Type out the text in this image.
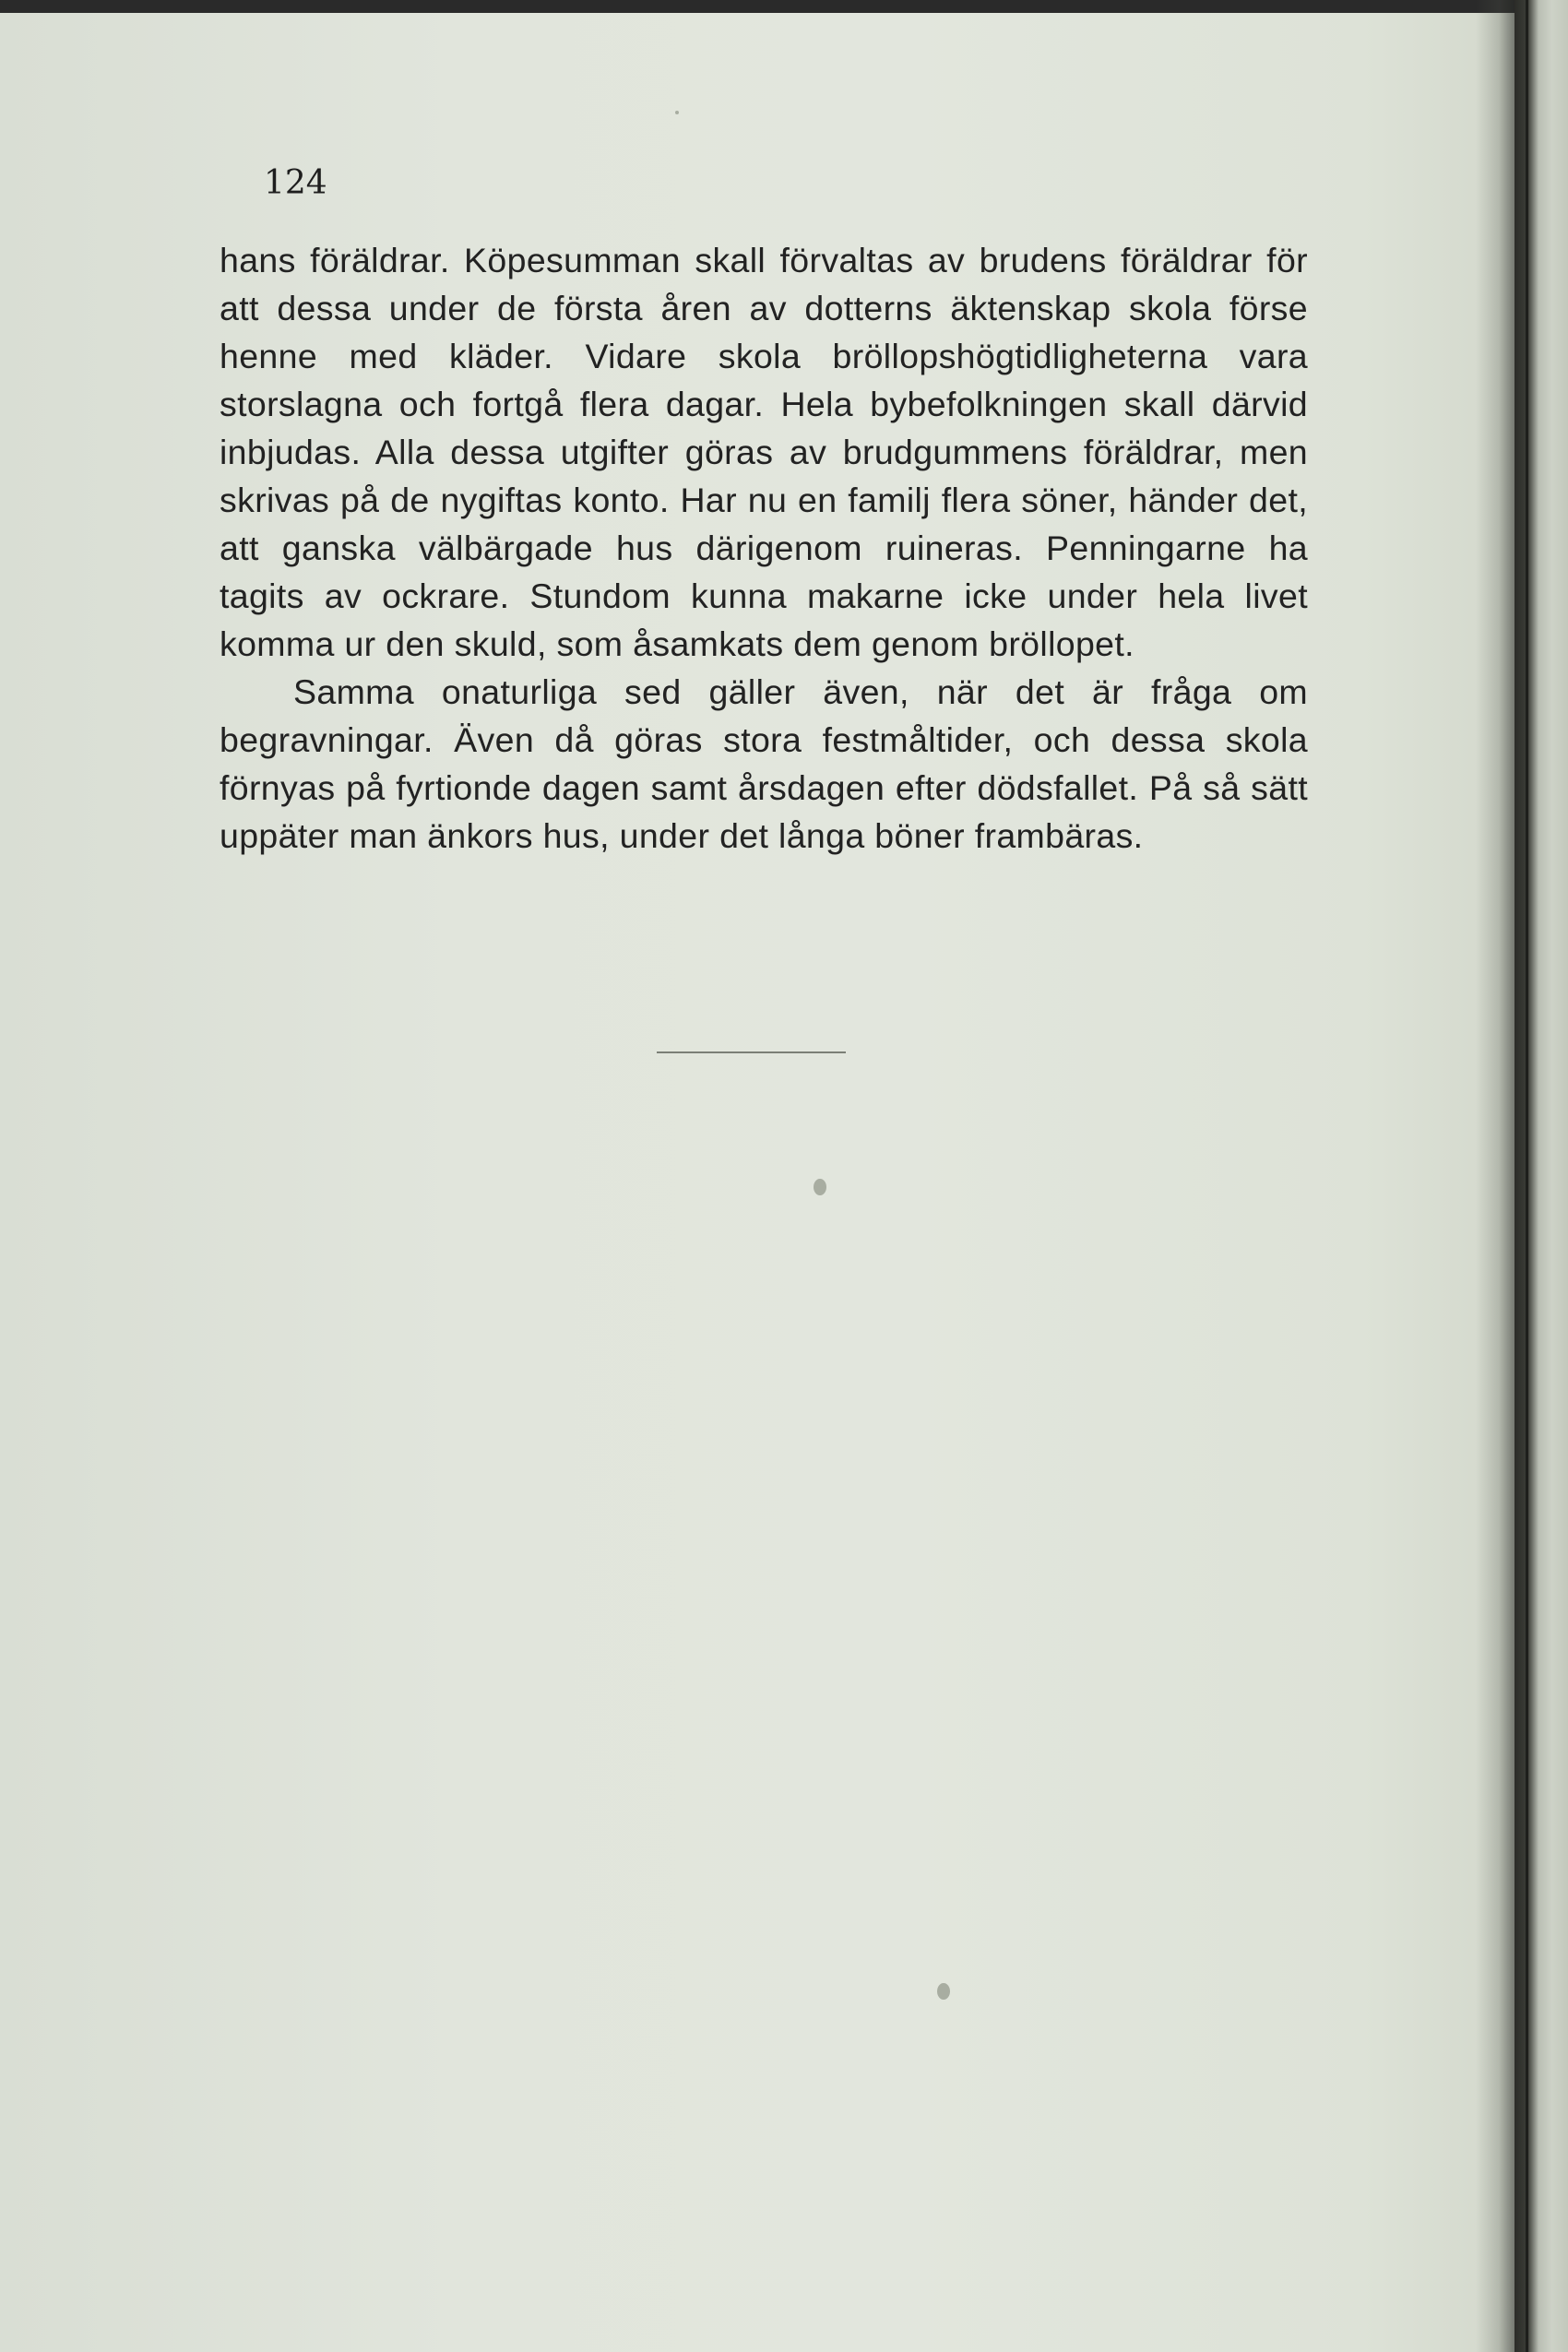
124

hans föräldrar. Köpesumman skall förvaltas av brudens föräldrar för att dessa under de första åren av dotterns äktenskap skola förse henne med kläder. Vidare skola bröllopshögtidligheterna vara storslagna och fortgå flera dagar. Hela bybefolkningen skall därvid inbjudas. Alla dessa utgifter göras av brudgummens föräldrar, men skrivas på de nygiftas konto. Har nu en familj flera söner, händer det, att ganska välbärgade hus därigenom ruineras. Penningarne ha tagits av ockrare. Stundom kunna makarne icke under hela livet komma ur den skuld, som åsamkats dem genom bröllopet.

Samma onaturliga sed gäller även, när det är fråga om begravningar. Även då göras stora festmåltider, och dessa skola förnyas på fyrtionde dagen samt årsdagen efter dödsfallet. På så sätt uppäter man änkors hus, under det långa böner frambäras.
